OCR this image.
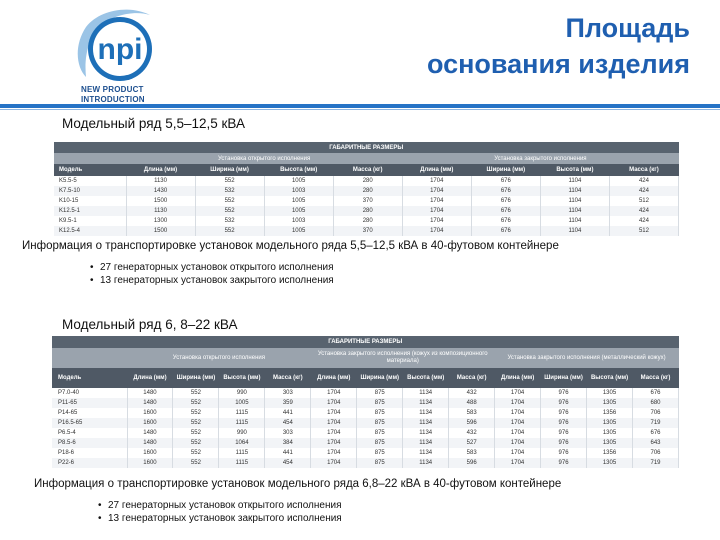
npi
NEW PRODUCT
INTRODUCTION
Площадь
основания изделия
Модельный ряд 5,5–12,5 кВА
ГАБАРИТНЫЕ РАЗМЕРЫ								
	Установка открытого исполнения				Установка закрытого исполнения			
Модель	Длина (мм)	Ширина (мм)	Высота (мм)	Масса (кг)	Длина (мм)	Ширина (мм)	Высота (мм)	Масса (кг)
K5.5-5	1130	552	1005	280	1704	676	1104	424
K7.5-10	1430	532	1003	280	1704	676	1104	424
K10-15	1500	552	1005	370	1704	676	1104	512
K12.5-1	1130	552	1005	280	1704	676	1104	424
K9.5-1	1300	532	1003	280	1704	676	1104	424
K12.5-4	1500	552	1005	370	1704	676	1104	512
Информация о транспортировке установок модельного ряда 5,5–12,5 кВА в 40-футовом контейнере
• 27 генераторных установок открытого исполнения
• 13 генераторных установок закрытого исполнения
Модельный ряд 6, 8–22 кВА
ГАБАРИТНЫЕ РАЗМЕРЫ												
	Установка открытого исполнения				Установка закрытого исполнения (кожух из композиционного материала)				Установка закрытого исполнения (металлический кожух)			
Модель	Длина (мм)	Ширина (мм)	Высота (мм)	Масса (кг)	Длина (мм)	Ширина (мм)	Высота (мм)	Масса (кг)	Длина (мм)	Ширина (мм)	Высота (мм)	Масса (кг)
P7.0-40	1480	552	990	303	1704	875	1134	432	1704	976	1305	676
P11-65	1480	552	1005	359	1704	875	1134	488	1704	976	1305	680
P14-65	1600	552	1115	441	1704	875	1134	583	1704	976	1356	706
P16.5-65	1600	552	1115	454	1704	875	1134	596	1704	976	1305	719
P6.5-4	1480	552	990	303	1704	875	1134	432	1704	976	1305	676
P8.5-6	1480	552	1064	384	1704	875	1134	527	1704	976	1305	643
P18-6	1600	552	1115	441	1704	875	1134	583	1704	976	1356	706
P22-6	1600	552	1115	454	1704	875	1134	596	1704	976	1305	719
Информация о транспортировке установок модельного ряда 6,8–22 кВА в 40-футовом контейнере
• 27 генераторных установок открытого исполнения
• 13 генераторных установок закрытого исполнения
